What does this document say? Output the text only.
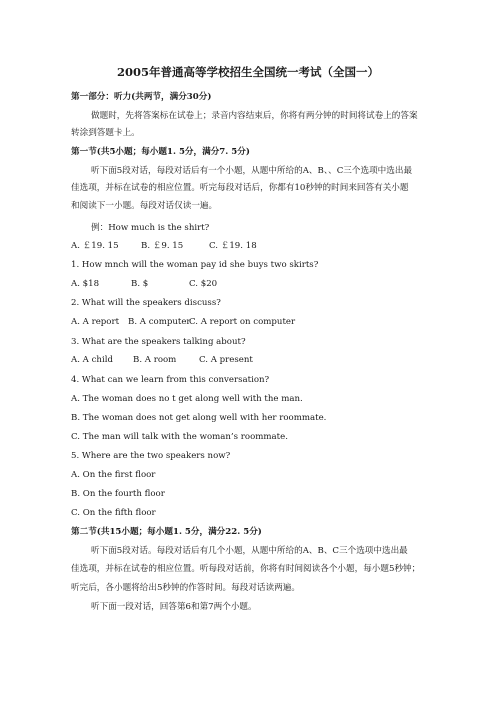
2005年普通高等学校招生全国统一考试（全国一）
第一部分：听力(共两节，满分30分)
做题时，先将答案标在试卷上；录音内容结束后，你将有两分钟的时间将试卷上的答案
转涂到答题卡上。
第一节(共5小题；每小题1. 5分，满分7. 5分)
听下面5段对话，每段对话后有一个小题，从题中所给的A、B、、C三个选项中选出最
佳选项，并标在试卷的相应位置。听完每段对话后，你都有10秒钟的时间来回答有关小题
和阅读下一小题。每段对话仅读一遍。
例：How much is the shirt?
A. ￡19. 15	B. ￡9. 15	C. ￡19. 18
1. How mnch will the woman pay id she buys two skirts?
A. $18	B. $	C. $20
2. What will the speakers discuss?
A. A report B. A computerC. A report on computer
3. What are the speakers talking about?
A. A child B. A room	C. A present
4. What can we learn from this conversation?
A. The woman does no t get along well with the man.
B. The woman does not get along well with her roommate.
C. The man will talk with the woman’s roommate.
5. Where are the two speakers now?
A. On the first floor
B. On the fourth floor
C. On the fifth floor
第二节(共15小题；每小题1. 5分，满分22. 5分)
听下面5段对话。每段对话后有几个小题，从题中所给的A、B、C三个选项中选出最
佳选项，并标在试卷的相应位置。听每段对话前，你将有时间阅读各个小题，每小题5秒钟；
听完后，各小题将给出5秒钟的作答时间。每段对话读两遍。
听下面一段对话，回答第6和第7两个小题。
